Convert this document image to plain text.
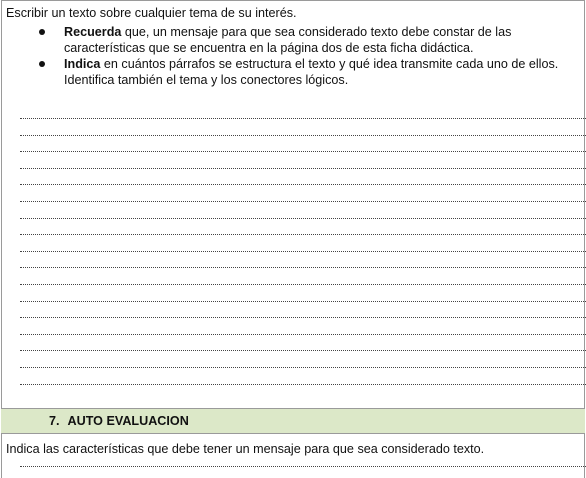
Escribir un texto sobre cualquier tema de su interés.
Recuerda que, un mensaje para que sea considerado texto debe constar de las características que se encuentra en la página dos de esta ficha didáctica.
Indica en cuántos párrafos se estructura el texto y qué idea transmite cada uno de ellos. Identifica también el tema y los conectores lógicos.
7. AUTO EVALUACION
Indica las características que debe tener un mensaje para que sea considerado texto.
